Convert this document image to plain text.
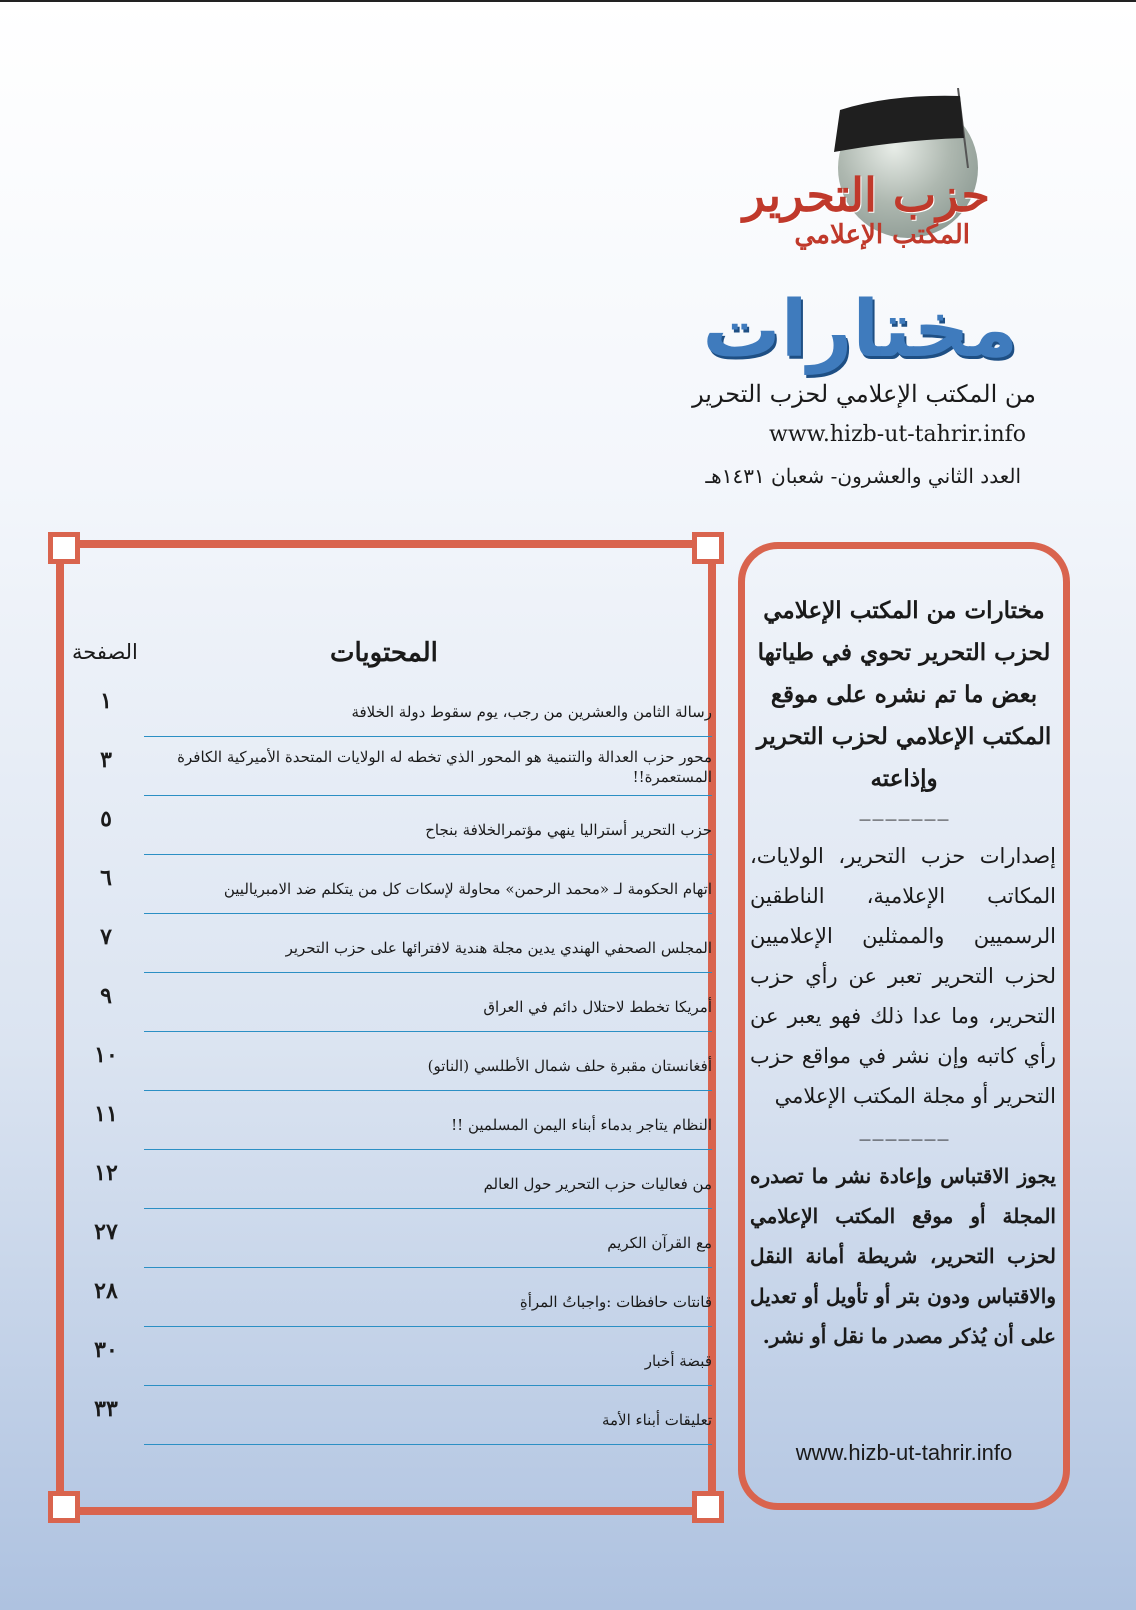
حزب التحرير
المكتب الإعلامي
مختارات
من المكتب الإعلامي لحزب التحرير
www.hizb-ut-tahrir.info
العدد الثاني والعشرون- شعبان ١٤٣١هـ
المحتويات
الصفحة
رسالة الثامن والعشرين من رجب، يوم سقوط دولة الخلافة
١
محور حزب العدالة والتنمية هو المحور الذي تخطه له الولايات المتحدة الأميركية الكافرة المستعمرة!!
٣
حزب التحرير أستراليا ينهي مؤتمرالخلافة بنجاح
٥
اتهام الحكومة لـ «محمد الرحمن» محاولة لإسكات كل من يتكلم ضد الامبرياليين
٦
المجلس الصحفي الهندي يدين مجلة هندية لافترائها على حزب التحرير
٧
أمريكا تخطط لاحتلال دائم في العراق
٩
أفغانستان مقبرة حلف شمال الأطلسي (الناتو)
١٠
النظام يتاجر بدماء أبناء اليمن المسلمين !!
١١
من فعاليات حزب التحرير حول العالم
١٢
مع القرآن الكريم
٢٧
قانتات حافظات :واجباتُ المرأةِ
٢٨
قبضة أخبار
٣٠
تعليقات أبناء الأمة
٣٣
مختارات من المكتب الإعلامي لحزب التحرير تحوي في طياتها بعض ما تم نشره على موقع المكتب الإعلامي لحزب التحرير وإذاعته
_______
إصدارات حزب التحرير، الولايات، المكاتب الإعلامية، الناطقين الرسميين والممثلين الإعلاميين لحزب التحرير تعبر عن رأي حزب التحرير، وما عدا ذلك فهو يعبر عن رأي كاتبه وإن نشر في مواقع حزب التحرير أو مجلة المكتب الإعلامي
_______
يجوز الاقتباس وإعادة نشر ما تصدره المجلة أو موقع المكتب الإعلامي لحزب التحرير، شريطة أمانة النقل والاقتباس ودون بتر أو تأويل أو تعديل على أن يُذكر مصدر ما نقل أو نشر.
www.hizb-ut-tahrir.info
